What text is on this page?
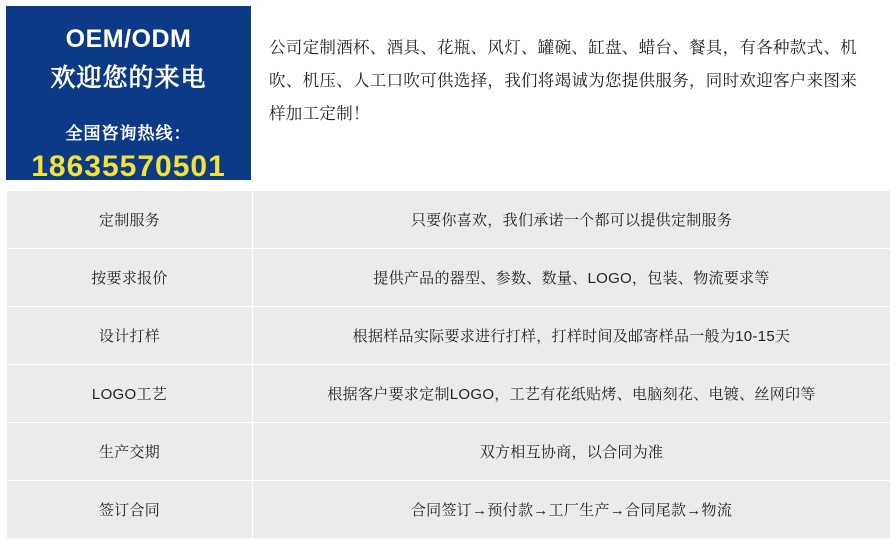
OEM/ODM
欢迎您的来电
全国咨询热线：
18635570501
公司定制酒杯、酒具、花瓶、风灯、罐碗、缸盘、蜡台、餐具，有各种款式、机吹、机压、人工口吹可供选择，我们将竭诚为您提供服务，同时欢迎客户来图来样加工定制！
定制服务	只要你喜欢，我们承诺一个都可以提供定制服务
按要求报价	提供产品的器型、参数、数量、LOGO，包装、物流要求等
设计打样	根据样品实际要求进行打样，打样时间及邮寄样品一般为10-15天
LOGO工艺	根据客户要求定制LOGO，工艺有花纸贴烤、电脑刻花、电镀、丝网印等
生产交期	双方相互协商，以合同为准
签订合同	合同签订→预付款→工厂生产→合同尾款→物流
